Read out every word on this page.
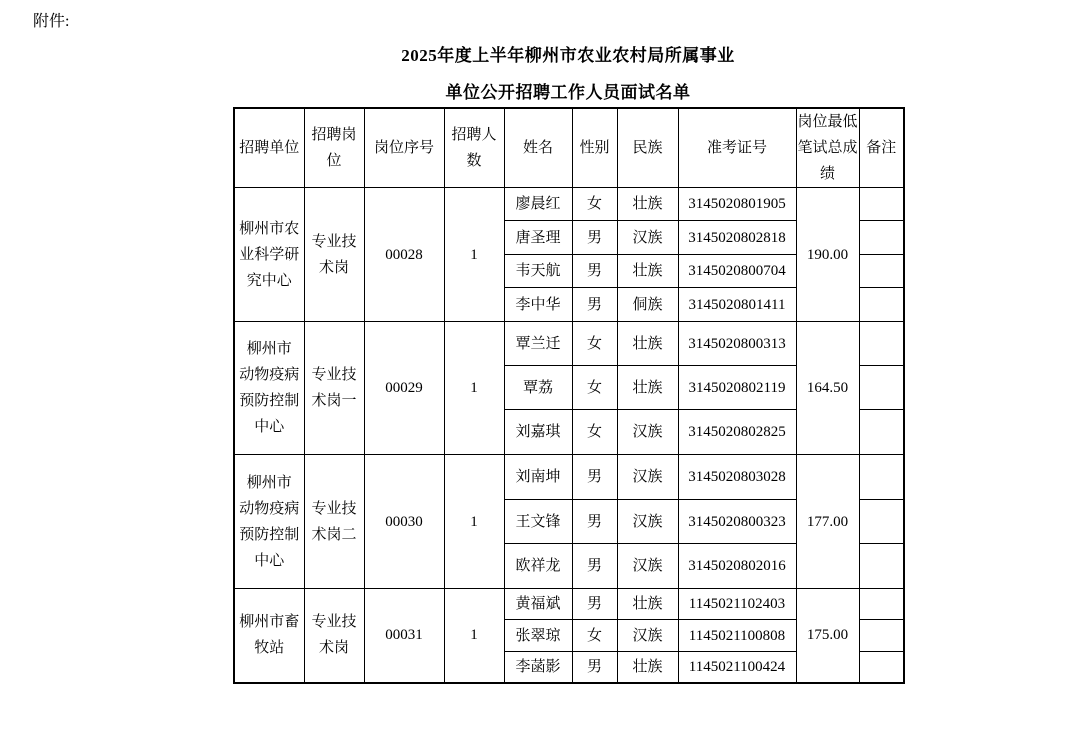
附件:
2025年度上半年柳州市农业农村局所属事业
单位公开招聘工作人员面试名单
招聘单位	招聘岗位	岗位序号	招聘人数	姓名	性别	民族	准考证号	岗位最低笔试总成绩	备注
柳州市农业科学研究中心	专业技术岗	00028	1	廖晨红	女	壮族	3145020801905	190.00	
				唐圣理	男	汉族	3145020802818		
				韦天航	男	壮族	3145020800704		
				李中华	男	侗族	3145020801411		
柳州市动物疫病预防控制中心	专业技术岗一	00029	1	覃兰迁	女	壮族	3145020800313	164.50	
				覃荔	女	壮族	3145020802119		
				刘嘉琪	女	汉族	3145020802825		
柳州市动物疫病预防控制中心	专业技术岗二	00030	1	刘南坤	男	汉族	3145020803028	177.00	
				王文锋	男	汉族	3145020800323		
				欧祥龙	男	汉族	3145020802016		
柳州市畜牧站	专业技术岗	00031	1	黄福斌	男	壮族	1145021102403	175.00	
				张翠琼	女	汉族	1145021100808		
				李菡影	男	壮族	1145021100424		
